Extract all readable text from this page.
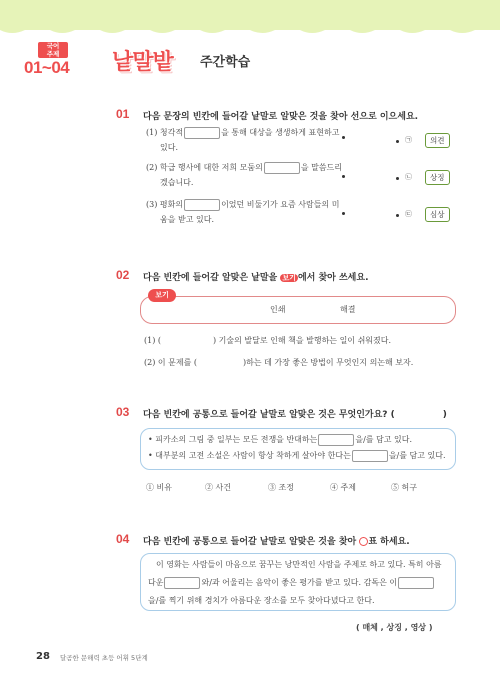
국어
주제
01~04 낱말밭 주간학습
01 다음 문장의 빈칸에 들어갈 낱말로 알맞은 것을 찾아 선으로 이으세요.
(1) 청각적	을 통해 대상을 생생하게 표현하고
있다.
(2) 학급 행사에 대한 저희 모둠의	을 말씀드리
겠습니다.
(3) 평화의	이었던 비둘기가 요즘 사람들의 미
움을 받고 있다.
㉠	의견
㉡	상징
㉢	심상
02 다음 빈칸에 들어갈 알맞은 낱말을 보기 에서 찾아 쓰세요.
보기
인쇄	해결
(1) (	) 기술의 발달로 인해 책을 발행하는 일이 쉬워졌다.
(2) 이 문제를 (	)하는 데 가장 좋은 방법이 무엇인지 의논해 보자.
03 다음 빈칸에 공통으로 들어갈 낱말로 알맞은 것은 무엇인가요? (	)
• 피카소의 그림 중 일부는 모든 전쟁을 반대하는	을/를 담고 있다.
• 대부분의 고전 소설은 사람이 항상 착하게 살아야 한다는	을/를 담고 있다.
① 비유	② 사건	③ 조정	④ 주제	⑤ 허구
04 다음 빈칸에 공통으로 들어갈 낱말로 알맞은 것을 찾아 표 하세요.
이 영화는 사람들이 마음으로 꿈꾸는 낭만적인 사람을 주제로 하고 있다. 특히 아름
다운	와/과 어울리는 음악이 좋은 평가를 받고 있다. 감독은 이
을/를 찍기 위해 경치가 아름다운 장소를 모두 찾아다녔다고 한다.
( 매체 , 상징 , 영상 )
28 달곰한 문해력 초등 어휘 5단계
